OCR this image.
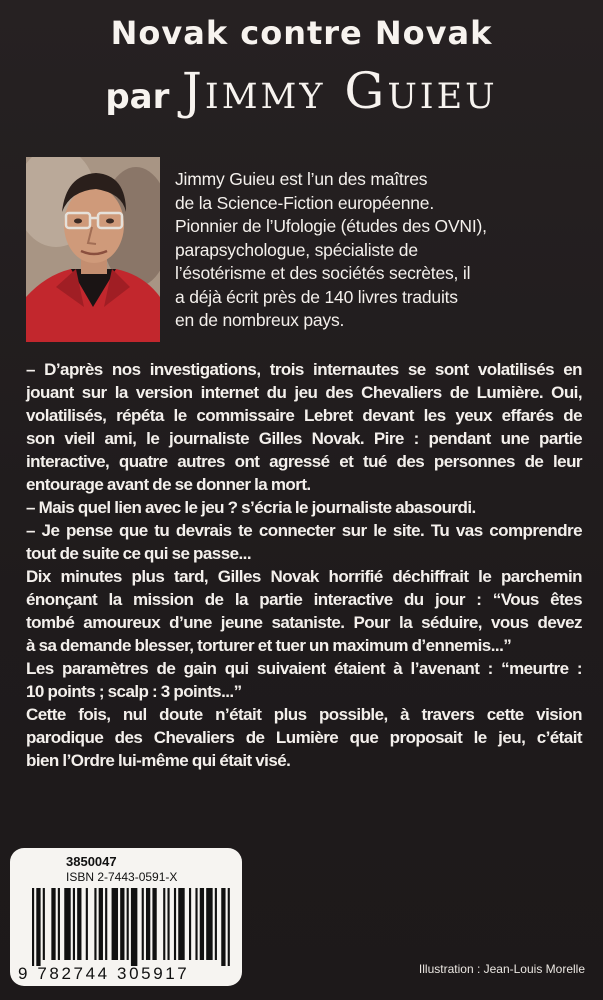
Novak contre Novak
par Jimmy Guieu
Jimmy Guieu est l’un des maîtres
de la Science-Fiction européenne.
Pionnier de l’Ufologie (études des OVNI),
parapsychologue, spécialiste de
l’ésotérisme et des sociétés secrètes, il
a déjà écrit près de 140 livres traduits
en de nombreux pays.
– D’après nos investigations, trois internautes se sont volatilisés en
jouant sur la version internet du jeu des Chevaliers de Lumière. Oui,
volatilisés, répéta le commissaire Lebret devant les yeux effarés de
son vieil ami, le journaliste Gilles Novak. Pire : pendant une partie
interactive, quatre autres ont agressé et tué des personnes de leur
entourage avant de se donner la mort.
– Mais quel lien avec le jeu ? s’écria le journaliste abasourdi.
– Je pense que tu devrais te connecter sur le site. Tu vas comprendre
tout de suite ce qui se passe...
Dix minutes plus tard, Gilles Novak horrifié déchiffrait le parchemin
énonçant la mission de la partie interactive du jour : “Vous êtes
tombé amoureux d’une jeune sataniste. Pour la séduire, vous devez
à sa demande blesser, torturer et tuer un maximum d’ennemis...”
Les paramètres de gain qui suivaient étaient à l’avenant : “meurtre :
10 points ; scalp : 3 points...”
Cette fois, nul doute n’était plus possible, à travers cette vision
parodique des Chevaliers de Lumière que proposait le jeu, c’était
bien l’Ordre lui-même qui était visé.
3850047
ISBN 2-7443-0591-X
9 782744 305917	Illustration : Jean-Louis Morelle
